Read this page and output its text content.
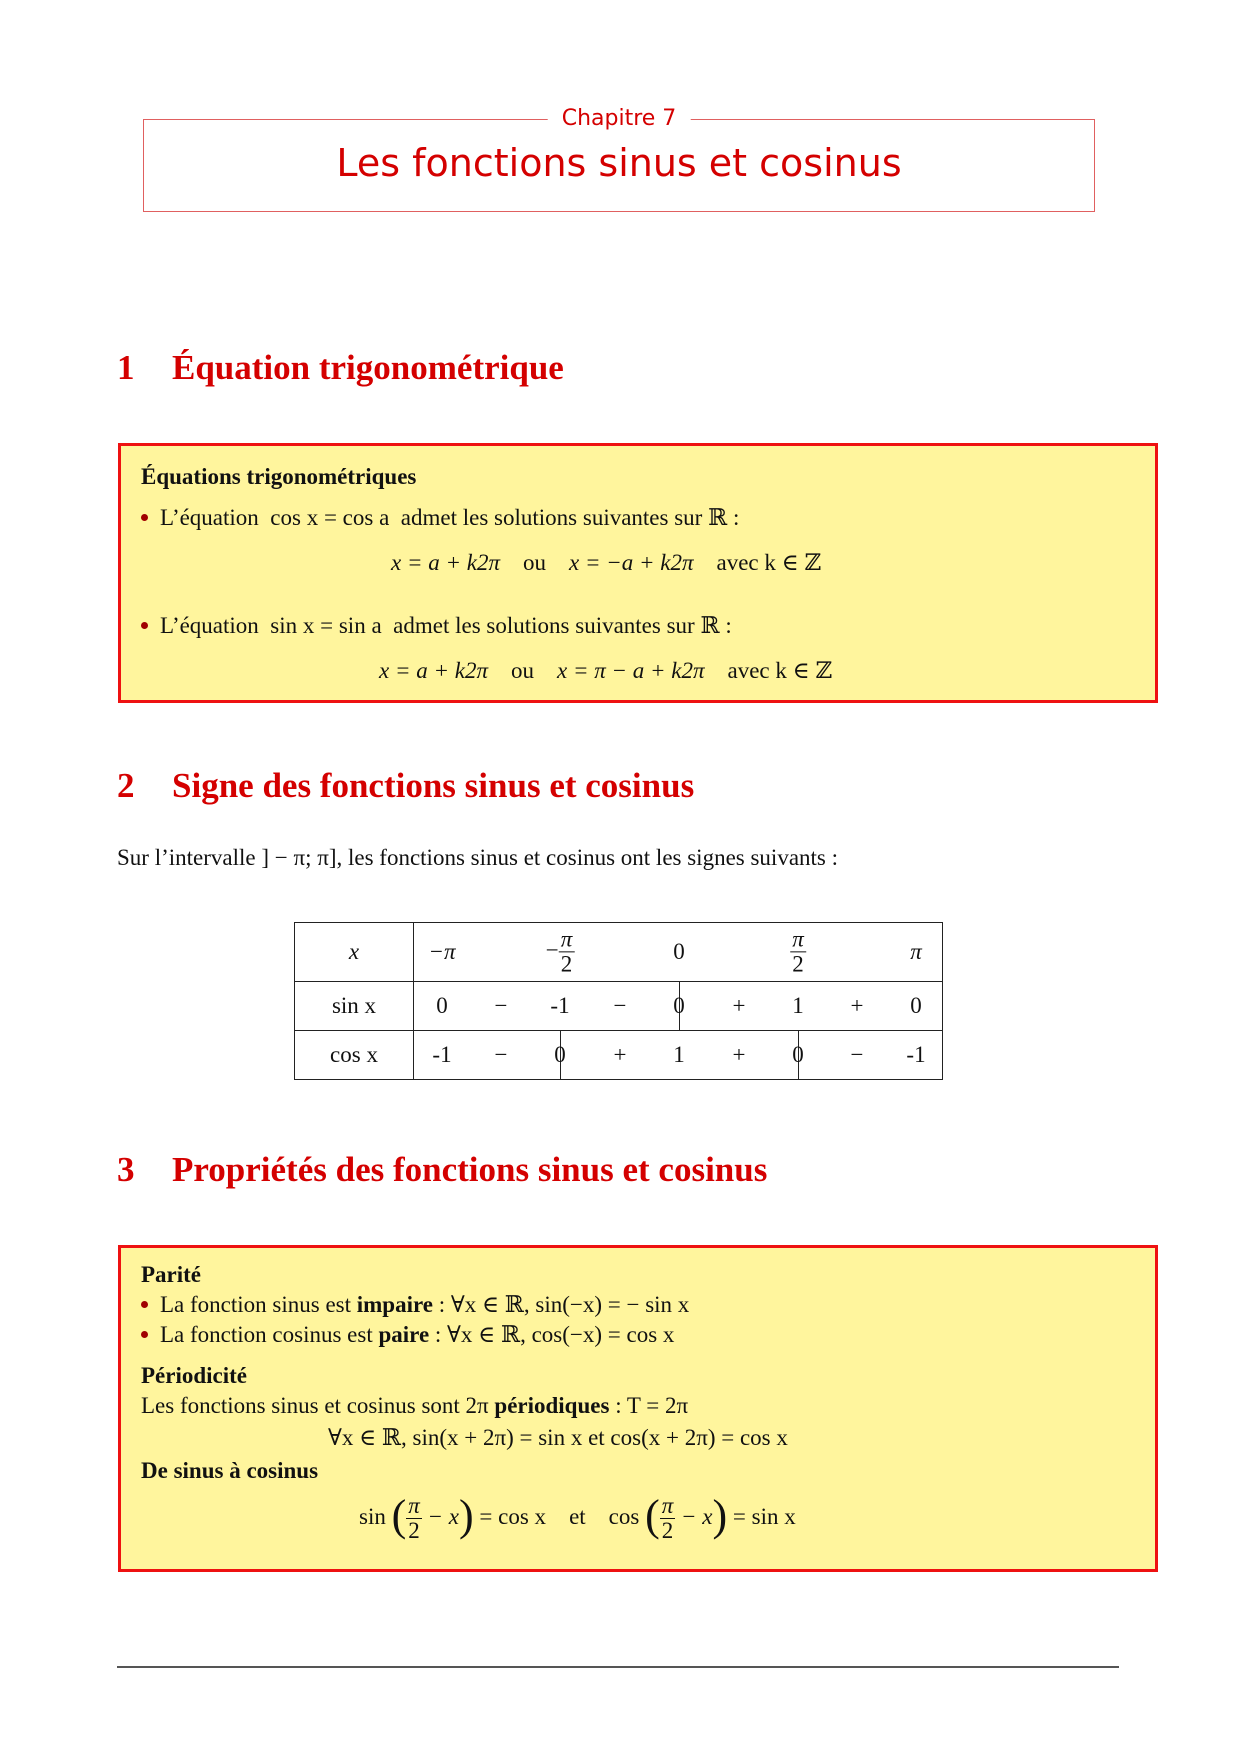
Chapitre 7
Les fonctions sinus et cosinus
1 Équation trigonométrique
Équations trigonométriques
L’équation cos x = cos a admet les solutions suivantes sur ℝ :
x = a + k2π ou x = −a + k2π avec k ∈ ℤ
L’équation sin x = sin a admet les solutions suivantes sur ℝ :
x = a + k2π ou x = π − a + k2π avec k ∈ ℤ
2 Signe des fonctions sinus et cosinus
Sur l’intervalle ] − π; π], les fonctions sinus et cosinus ont les signes suivants :
x	−π	− $\frac{\pi}{2}$	0	$\frac{\pi}{2}$	π

sin x	0 − -1 − 0 + 1 + 0

cos x	-1 − 0 + 1 + 0 − -1
3 Propriétés des fonctions sinus et cosinus
Parité
La fonction sinus est impaire : ∀x ∈ ℝ, sin(−x) = − sin x
La fonction cosinus est paire : ∀x ∈ ℝ, cos(−x) = cos x
Périodicité
Les fonctions sinus et cosinus sont 2π périodiques : T = 2π
∀x ∈ ℝ, sin(x + 2π) = sin x et cos(x + 2π) = cos x
De sinus à cosinus
sin ( $\frac{\pi}{2} - x) = \cos x$ et cos ( $\frac{\pi}{2} - x) = \sin x$
